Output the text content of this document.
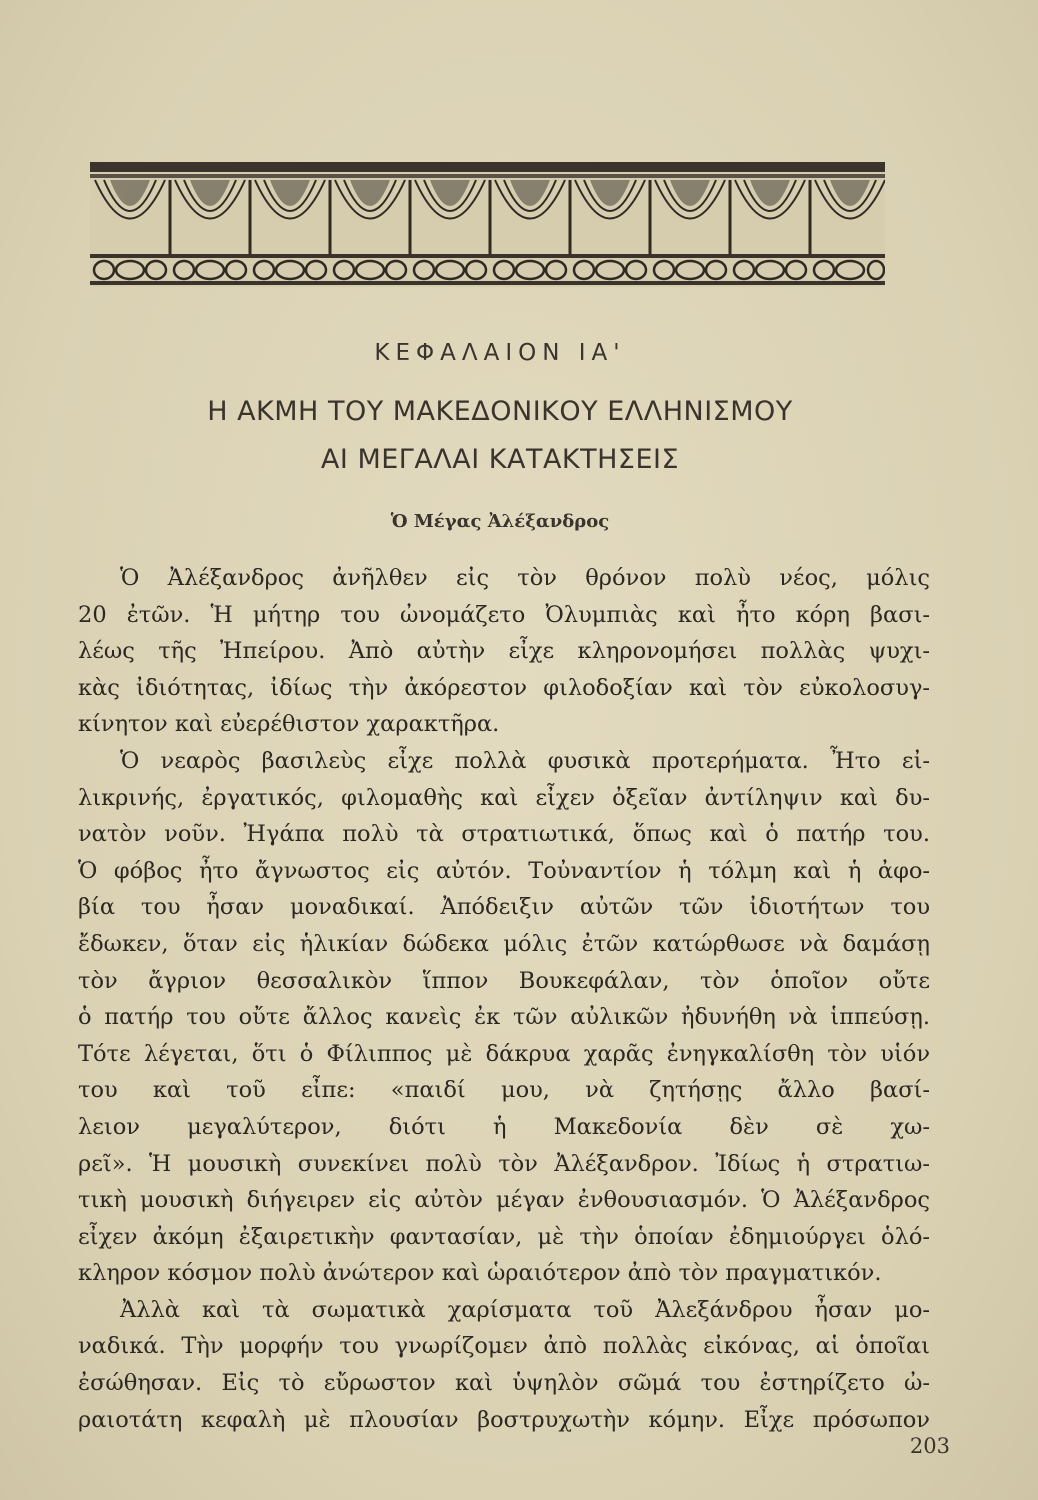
ΚΕΦΑΛΑΙΟΝ ΙΑ'
Η ΑΚΜΗ ΤΟΥ ΜΑΚΕΔΟΝΙΚΟΥ ΕΛΛΗΝΙΣΜΟΥ
ΑΙ ΜΕΓΑΛΑΙ ΚΑΤΑΚΤΗΣΕΙΣ
Ὁ Μέγας Ἀλέξανδρος
Ὁ Ἀλέξανδρος ἀνῆλθεν εἰς τὸν θρόνον πολὺ νέος, μόλις
20 ἐτῶν. Ἡ μήτηρ του ὠνομάζετο Ὀλυμπιὰς καὶ ἦτο κόρη βασι-
λέως τῆς Ἠπείρου. Ἀπὸ αὐτὴν εἶχε κληρονομήσει πολλὰς ψυχι-
κὰς ἰδιότητας, ἰδίως τὴν ἀκόρεστον φιλοδοξίαν καὶ τὸν εὐκολοσυγ-
κίνητον καὶ εὐερέθιστον χαρακτῆρα.
Ὁ νεαρὸς βασιλεὺς εἶχε πολλὰ φυσικὰ προτερήματα. Ἦτο εἰ-
λικρινής, ἐργατικός, φιλομαθὴς καὶ εἶχεν ὀξεῖαν ἀντίληψιν καὶ δυ-
νατὸν νοῦν. Ἠγάπα πολὺ τὰ στρατιωτικά, ὅπως καὶ ὁ πατήρ του.
Ὁ φόβος ἦτο ἄγνωστος εἰς αὐτόν. Τοὐναντίον ἡ τόλμη καὶ ἡ ἀφο-
βία του ἦσαν μοναδικαί. Ἀπόδειξιν αὐτῶν τῶν ἰδιοτήτων του
ἔδωκεν, ὅταν εἰς ἡλικίαν δώδεκα μόλις ἐτῶν κατώρθωσε νὰ δαμάσῃ
τὸν ἄγριον θεσσαλικὸν ἵππον Βουκεφάλαν, τὸν ὁποῖον οὔτε
ὁ πατήρ του οὔτε ἄλλος κανεὶς ἐκ τῶν αὐλικῶν ἠδυνήθη νὰ ἱππεύσῃ.
Τότε λέγεται, ὅτι ὁ Φίλιππος μὲ δάκρυα χαρᾶς ἐνηγκαλίσθη τὸν υἱόν
του καὶ τοῦ εἶπε: «παιδί μου, νὰ ζητήσῃς ἄλλο βασί-
λειον μεγαλύτερον, διότι ἡ Μακεδονία δὲν σὲ χω-
ρεῖ». Ἡ μουσικὴ συνεκίνει πολὺ τὸν Ἀλέξανδρον. Ἰδίως ἡ στρατιω-
τικὴ μουσικὴ διήγειρεν εἰς αὐτὸν μέγαν ἐνθουσιασμόν. Ὁ Ἀλέξανδρος
εἶχεν ἀκόμη ἐξαιρετικὴν φαντασίαν, μὲ τὴν ὁποίαν ἐδημιούργει ὁλό-
κληρον κόσμον πολὺ ἀνώτερον καὶ ὡραιότερον ἀπὸ τὸν πραγματικόν.
Ἀλλὰ καὶ τὰ σωματικὰ χαρίσματα τοῦ Ἀλεξάνδρου ἦσαν μο-
ναδικά. Τὴν μορφήν του γνωρίζομεν ἀπὸ πολλὰς εἰκόνας, αἱ ὁποῖαι
ἐσώθησαν. Εἰς τὸ εὔρωστον καὶ ὑψηλὸν σῶμά του ἐστηρίζετο ὠ-
ραιοτάτη κεφαλὴ μὲ πλουσίαν βοστρυχωτὴν κόμην. Εἶχε πρόσωπον
203
